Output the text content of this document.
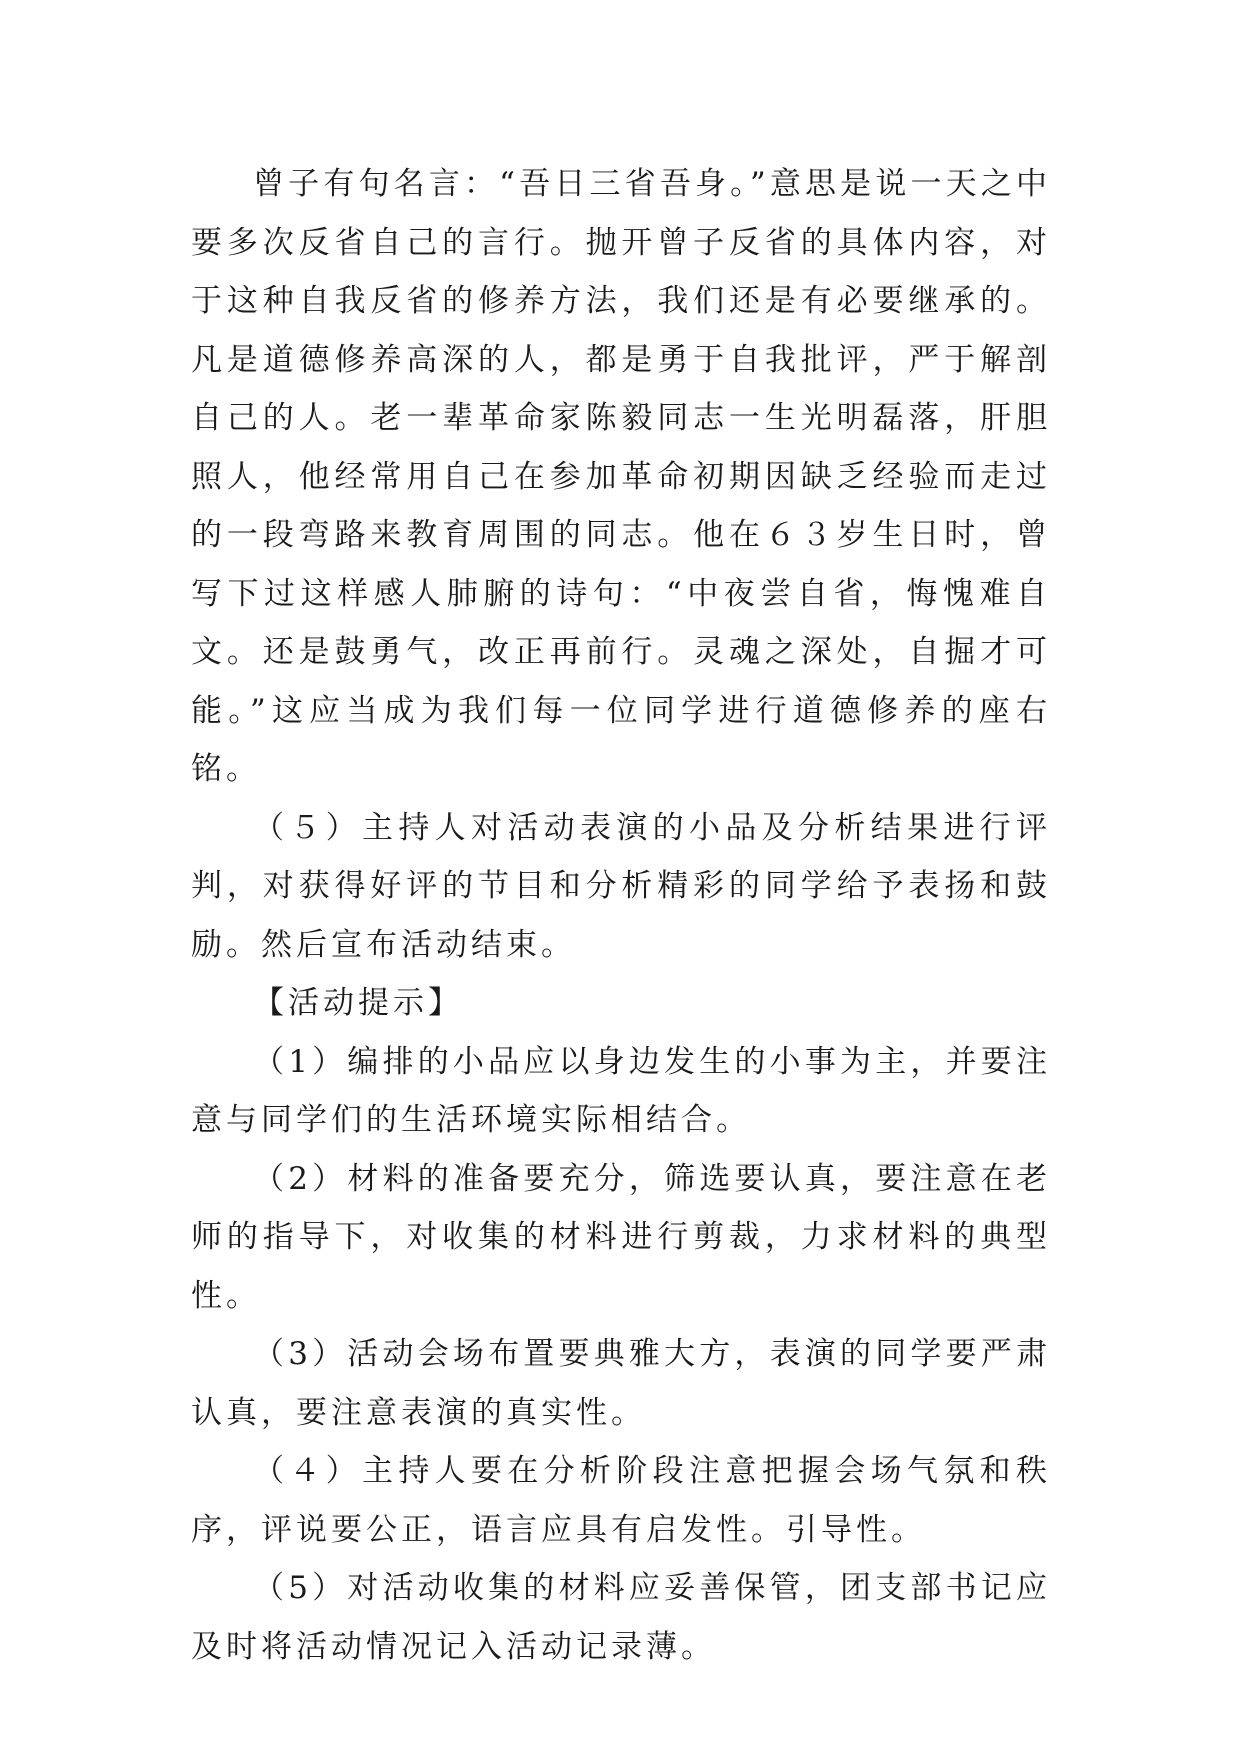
曾子有句名言：“吾日三省吾身。”意思是说一天之中要多次反省自己的言行。抛开曾子反省的具体内容，对于这种自我反省的修养方法，我们还是有必要继承的。凡是道德修养高深的人，都是勇于自我批评，严于解剖自己的人。老一辈革命家陈毅同志一生光明磊落，肝胆照人，他经常用自己在参加革命初期因缺乏经验而走过的一段弯路来教育周围的同志。他在６３岁生日时，曾写下过这样感人肺腑的诗句：“中夜尝自省，悔愧难自文。还是鼓勇气，改正再前行。灵魂之深处，自掘才可能。”这应当成为我们每一位同学进行道德修养的座右铭。

（５）主持人对活动表演的小品及分析结果进行评判，对获得好评的节目和分析精彩的同学给予表扬和鼓励。然后宣布活动结束。

【活动提示】

（1）编排的小品应以身边发生的小事为主，并要注意与同学们的生活环境实际相结合。

（2）材料的准备要充分，筛选要认真，要注意在老师的指导下，对收集的材料进行剪裁，力求材料的典型性。

（3）活动会场布置要典雅大方，表演的同学要严肃认真，要注意表演的真实性。

（４）主持人要在分析阶段注意把握会场气氛和秩序，评说要公正，语言应具有启发性。引导性。

（5）对活动收集的材料应妥善保管，团支部书记应及时将活动情况记入活动记录薄。
